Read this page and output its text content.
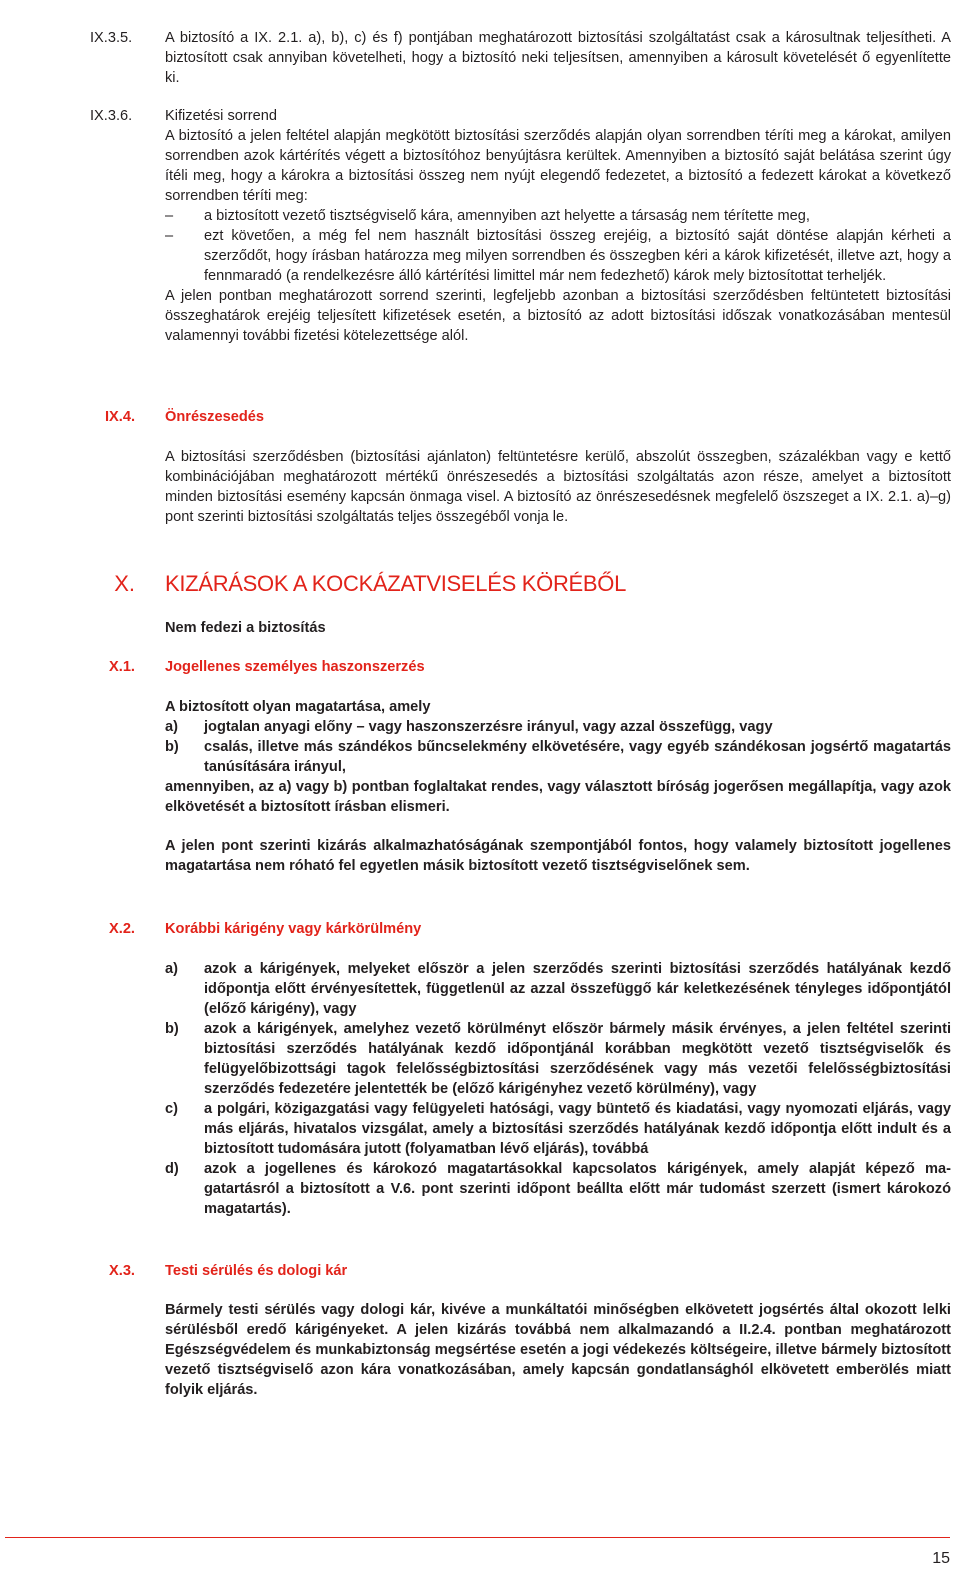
IX.3.5. A biztosító a IX. 2.1. a), b), c) és f) pontjában meghatározott biztosítási szolgáltatást csak a károsultnak teljesítheti. A biztosított csak annyiban követelheti, hogy a biztosító neki teljesítsen, amennyiben a károsult követelését ő egyenlítette ki.

IX.3.6. Kifizetési sorrend

A biztosító a jelen feltétel alapján megkötött biztosítási szerződés alapján olyan sorrendben téríti meg a károkat, amilyen sorrendben azok kártérítés végett a biztosítóhoz benyújtásra kerültek. Amennyiben a biztosító saját belátása szerint úgy ítéli meg, hogy a károkra a biztosítási összeg nem nyújt elegendő fedezetet, a biztosító a fedezett károkat a következő sorrendben téríti meg:

–	a biztosított vezető tisztségviselő kára, amennyiben azt helyette a társaság nem térítette meg,
–	ezt követően, a még fel nem használt biztosítási összeg erejéig, a biztosító saját döntése alapján kérheti a szerződőt, hogy írásban határozza meg milyen sorrendben és összegben kéri a károk kifizetését, illetve azt, hogy a fennmaradó (a rendelkezésre álló kártérítési limittel már nem fedezhető) károk mely biztosítottat terheljék.

A jelen pontban meghatározott sorrend szerinti, legfeljebb azonban a biztosítási szerződésben feltüntetett biztosítási összeghatárok erejéig teljesített kifizetések esetén, a biztosító az adott biztosítási időszak vonatkozásában mentesül valamennyi további fizetési kötelezettsége alól.

IX.4. Önrészesedés

A biztosítási szerződésben (biztosítási ajánlaton) feltüntetésre kerülő, abszolút összegben, százalékban vagy e kettő kombinációjában meghatározott mértékű önrészesedés a biztosítási szolgáltatás azon része, amelyet a biztosított minden biztosítási esemény kapcsán önmaga visel. A biztosító az önrészesedésnek megfelelő öszszeget a IX. 2.1. a)–g) pont szerinti biztosítási szolgáltatás teljes összegéből vonja le.

X. KIZÁRÁSOK A KOCKÁZATVISELÉS KÖRÉBŐL
Nem fedezi a biztosítás
X.1. Jogellenes személyes haszonszerzés

A biztosított olyan magatartása, amely

a)	jogtalan anyagi előny – vagy haszonszerzésre irányul, vagy azzal összefügg, vagy
b)	csalás, illetve más szándékos bűncselekmény elkövetésére, vagy egyéb szándékosan jogsértő magatartás tanúsítására irányul,

amennyiben, az a) vagy b) pontban foglaltakat rendes, vagy választott bíróság jogerősen megállapítja, vagy azok elkövetését a biztosított írásban elismeri.

A jelen pont szerinti kizárás alkalmazhatóságának szempontjából fontos, hogy valamely biztosított jogellenes magatartása nem róható fel egyetlen másik biztosított vezető tisztségviselőnek sem.

X.2. Korábbi kárigény vagy kárkörülmény

a)	azok a kárigények, melyeket először a jelen szerződés szerinti biztosítási szerződés hatályának kezdő időpontja előtt érvényesítettek, függetlenül az azzal összefüggő kár keletkezésének tényleges időpontjától (előző kárigény), vagy
b)	azok a kárigények, amelyhez vezető körülményt először bármely másik érvényes, a jelen feltétel szerinti biztosítási szerződés hatályának kezdő időpontjánál korábban megkötött vezető tisztségviselők és felügyelőbizottsági tagok felelősségbiztosítási szerződésének vagy más vezetői felelősségbiztosítási szerződés fedezetére jelentették be (előző kárigényhez vezető körülmény), vagy
c)	a polgári, közigazgatási vagy felügyeleti hatósági, vagy büntető és kiadatási, vagy nyomozati eljárás, vagy más eljárás, hivatalos vizsgálat, amely a biztosítási szerződés hatályának kezdő időpontja előtt indult és a biztosított tudomására jutott (folyamatban lévő eljárás), továbbá
d)	azok a jogellenes és károkozó magatartásokkal kapcsolatos kárigények, amely alapját képező magatartásról a biztosított a V.6. pont szerinti időpont beállta előtt már tudomást szerzett (ismert károkozó magatartás).
X.3. Testi sérülés és dologi kár

Bármely testi sérülés vagy dologi kár, kivéve a munkáltatói minőségben elkövetett jogsértés által okozott lelki sérülésből eredő kárigényeket. A jelen kizárás továbbá nem alkalmazandó a II.2.4. pontban meghatározott Egészségvédelem és munkabiztonság megsértése esetén a jogi védekezés költségeire, illetve bármely biztosított vezető tisztségviselő azon kára vonatkozásában, amely kapcsán gondatlansághól elkövetett emberölés miatt folyik eljárás.

15
